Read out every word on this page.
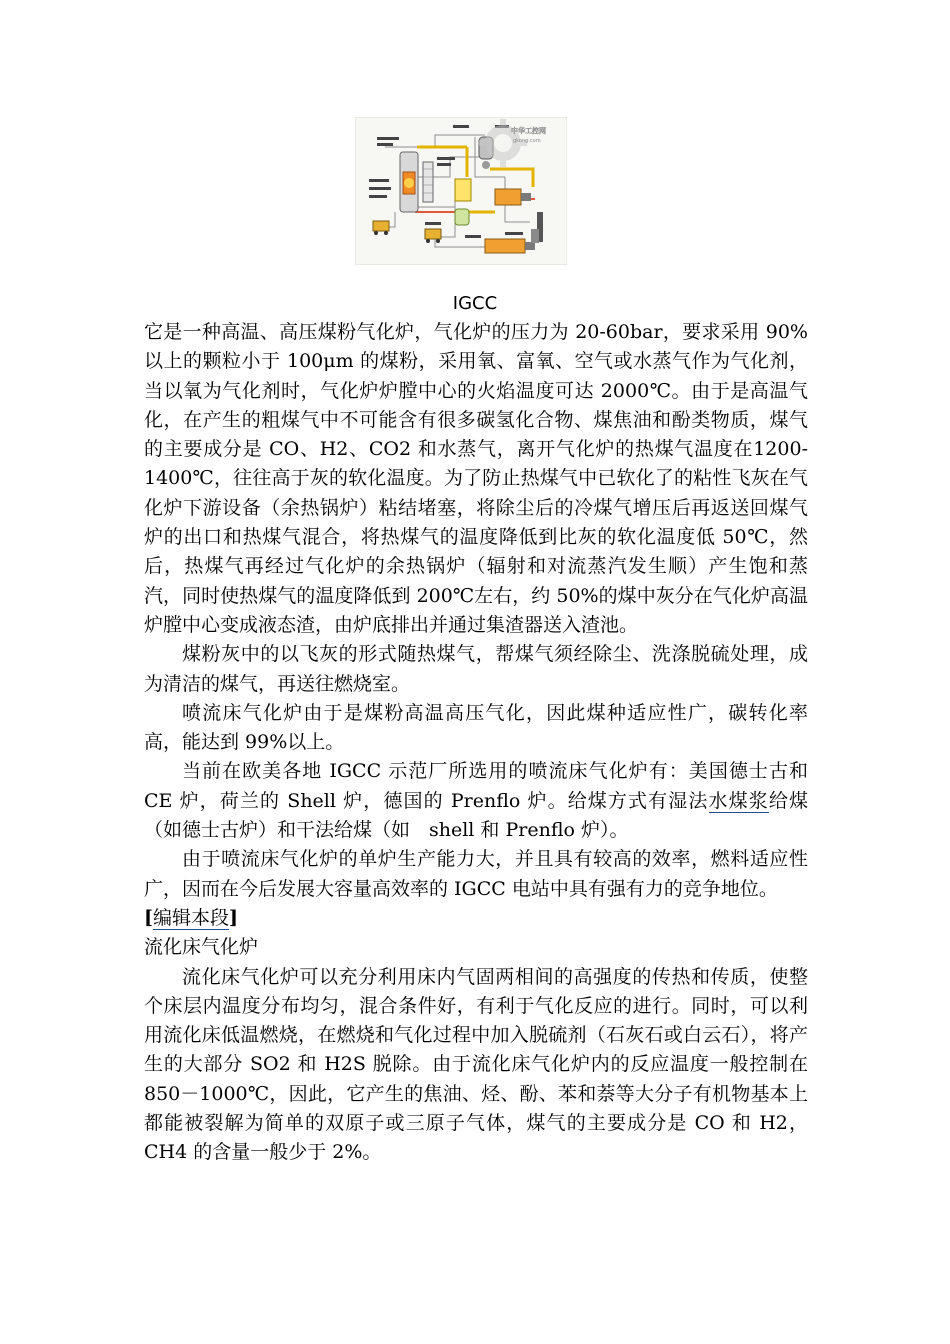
中华工控网
gkong.com
IGCC

它是一种高温、高压煤粉气化炉，气化炉的压力为 20-60bar，要求采用 90%以上的颗粒小于 100μm 的煤粉，采用氧、富氧、空气或水蒸气作为气化剂，当以氧为气化剂时，气化炉炉膛中心的火焰温度可达 2000℃。由于是高温气化，在产生的粗煤气中不可能含有很多碳氢化合物、煤焦油和酚类物质，煤气的主要成分是 CO、H2、CO2 和水蒸气，离开气化炉的热煤气温度在1200-1400℃，往往高于灰的软化温度。为了防止热煤气中已软化了的粘性飞灰在气化炉下游设备（余热锅炉）粘结堵塞，将除尘后的冷煤气增压后再返送回煤气炉的出口和热煤气混合，将热煤气的温度降低到比灰的软化温度低 50℃，然后，热煤气再经过气化炉的余热锅炉（辐射和对流蒸汽发生顺）产生饱和蒸汽，同时使热煤气的温度降低到 200℃左右，约 50%的煤中灰分在气化炉高温炉膛中心变成液态渣，由炉底排出并通过集渣器送入渣池。

煤粉灰中的以飞灰的形式随热煤气，帮煤气须经除尘、洗涤脱硫处理，成为清洁的煤气，再送往燃烧室。

喷流床气化炉由于是煤粉高温高压气化，因此煤种适应性广，碳转化率高，能达到 99%以上。

当前在欧美各地 IGCC 示范厂所选用的喷流床气化炉有：美国德士古和 CE 炉，荷兰的 Shell 炉，德国的 Prenflo 炉。给煤方式有湿法水煤浆给煤（如德士古炉）和干法给煤（如　shell 和 Prenflo 炉）。

由于喷流床气化炉的单炉生产能力大，并且具有较高的效率，燃料适应性广，因而在今后发展大容量高效率的 IGCC 电站中具有强有力的竞争地位。

[编辑本段]

流化床气化炉

流化床气化炉可以充分利用床内气固两相间的高强度的传热和传质，使整个床层内温度分布均匀，混合条件好，有利于气化反应的进行。同时，可以利用流化床低温燃烧，在燃烧和气化过程中加入脱硫剂（石灰石或白云石），将产生的大部分 SO2 和 H2S 脱除。由于流化床气化炉内的反应温度一般控制在 850－1000℃，因此，它产生的焦油、烃、酚、苯和萘等大分子有机物基本上都能被裂解为简单的双原子或三原子气体，煤气的主要成分是 CO 和 H2，CH4 的含量一般少于 2%。
